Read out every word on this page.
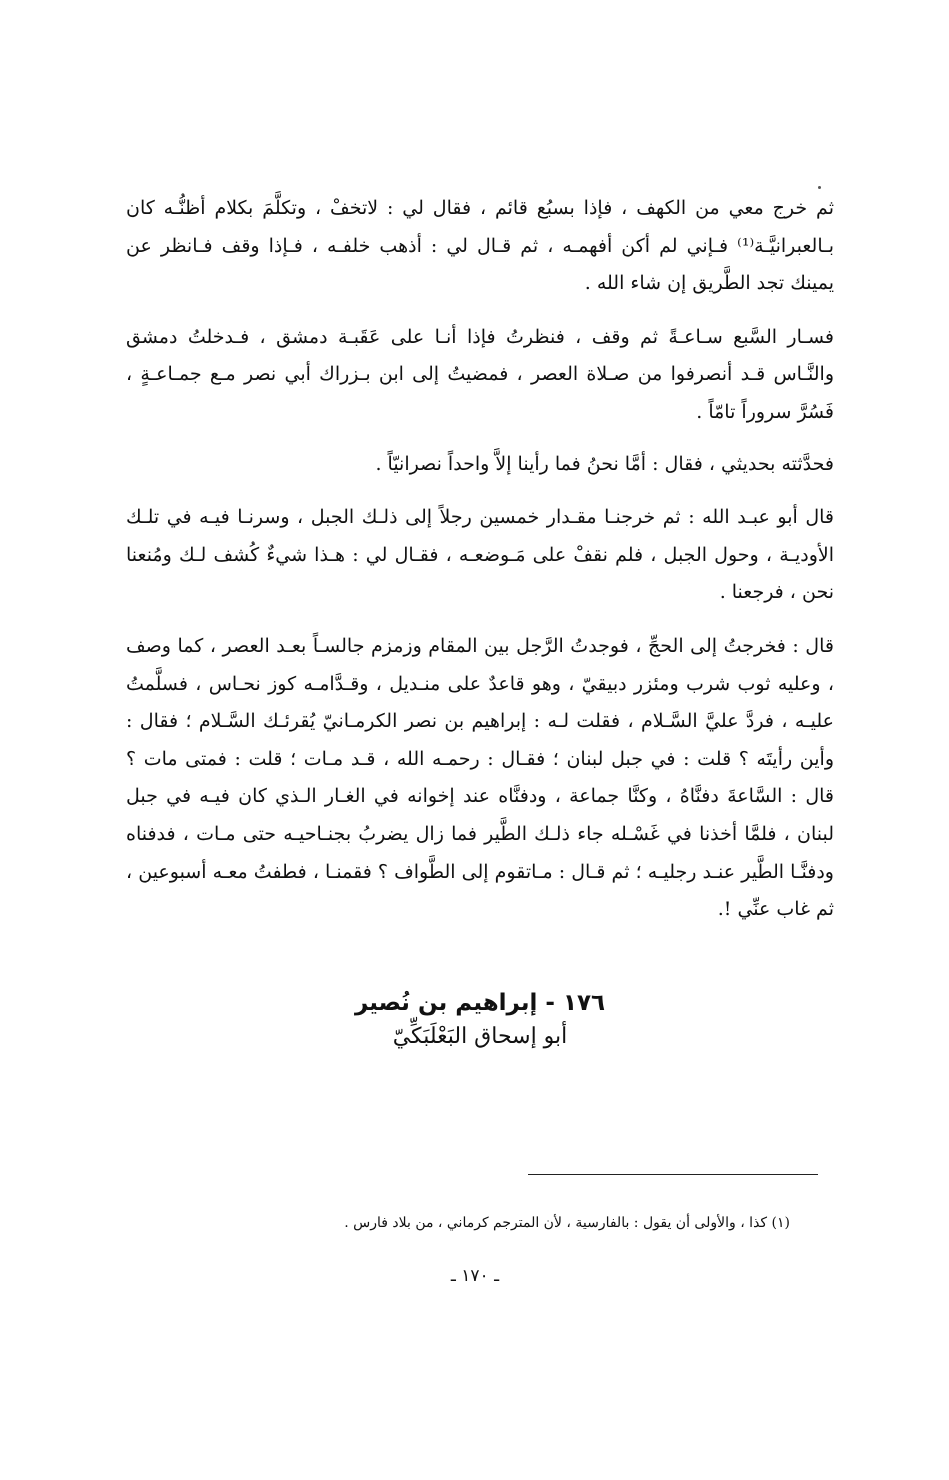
ثم خرج معي من الكهف ، فإذا بسبُع قائم ، فقال لي : لاتخفْ ، وتكلَّمَ بكلام أظنُّـه كان بـالعبرانيَّـة⁽¹⁾ فـإني لم أكن أفهمـه ، ثم قـال لي : أذهب خلفـه ، فـإذا وقف فـانظر عن يمينك تجد الطَّريق إن شاء الله .

فسـار السَّبع سـاعـةً ثم وقف ، فنظرتُ فإذا أنـا على عَقَبـة دمشق ، فـدخلتُ دمشق والنَّـاس قـد أنصرفوا من صـلاة العصر ، فمضيتُ إلى ابن بـزراك أبي نصر مـع جمـاعـةٍ ، فَسُرَّ سروراً تامّاً .

فحدَّثته بحديثي ، فقال : أمَّا نحنُ فما رأينا إلاَّ واحداً نصرانيّاً .

قال أبو عبـد الله : ثم خرجنـا مقـدار خمسين رجلاً إلى ذلـك الجبل ، وسرنـا فيـه في تلـك الأوديـة ، وحول الجبل ، فلم نقفْ على مَـوضعـه ، فقـال لي : هـذا شيءٌ كُشف لـك ومُنعنا نحن ، فرجعنا .

قال : فخرجتُ إلى الحجِّ ، فوجدتُ الرَّجل بين المقام وزمزم جالسـاً بعـد العصر ، كما وصف ، وعليه ثوب شرب ومئزر دبيقيّ ، وهو قاعدٌ على منـديل ، وقـدَّامـه كوز نحـاس ، فسلَّمتُ عليـه ، فردَّ عليَّ السَّـلام ، فقلت لـه : إبراهيم بن نصر الكرمـانيّ يُقرئـك السَّـلام ؛ فقال : وأين رأيتَه ؟ قلت : في جبل لبنان ؛ فقـال : رحمـه الله ، قـد مـات ؛ قلت : فمتى مات ؟ قال : السَّاعةَ دفنَّاهُ ، وكنَّا جماعة ، ودفنَّاه عند إخوانه في الغـار الـذي كان فيـه في جبل لبنان ، فلمَّا أخذنا في غَسْـله جاء ذلـك الطَّير فما زال يضربُ بجنـاحيـه حتى مـات ، فدفناه ودفنَّـا الطَّير عنـد رجليـه ؛ ثم قـال : مـاتقوم إلى الطَّواف ؟ فقمنـا ، فطفتُ معـه أسبوعين ، ثم غاب عنِّي !.

١٧٦ - إبراهيم بن نُصير

أبو إسحاق البَعْلَبَكِّيّ

(١) كذا ، والأولى أن يقول : بالفارسية ، لأن المترجم كرماني ، من بلاد فارس .

ـ ١٧٠ ـ
